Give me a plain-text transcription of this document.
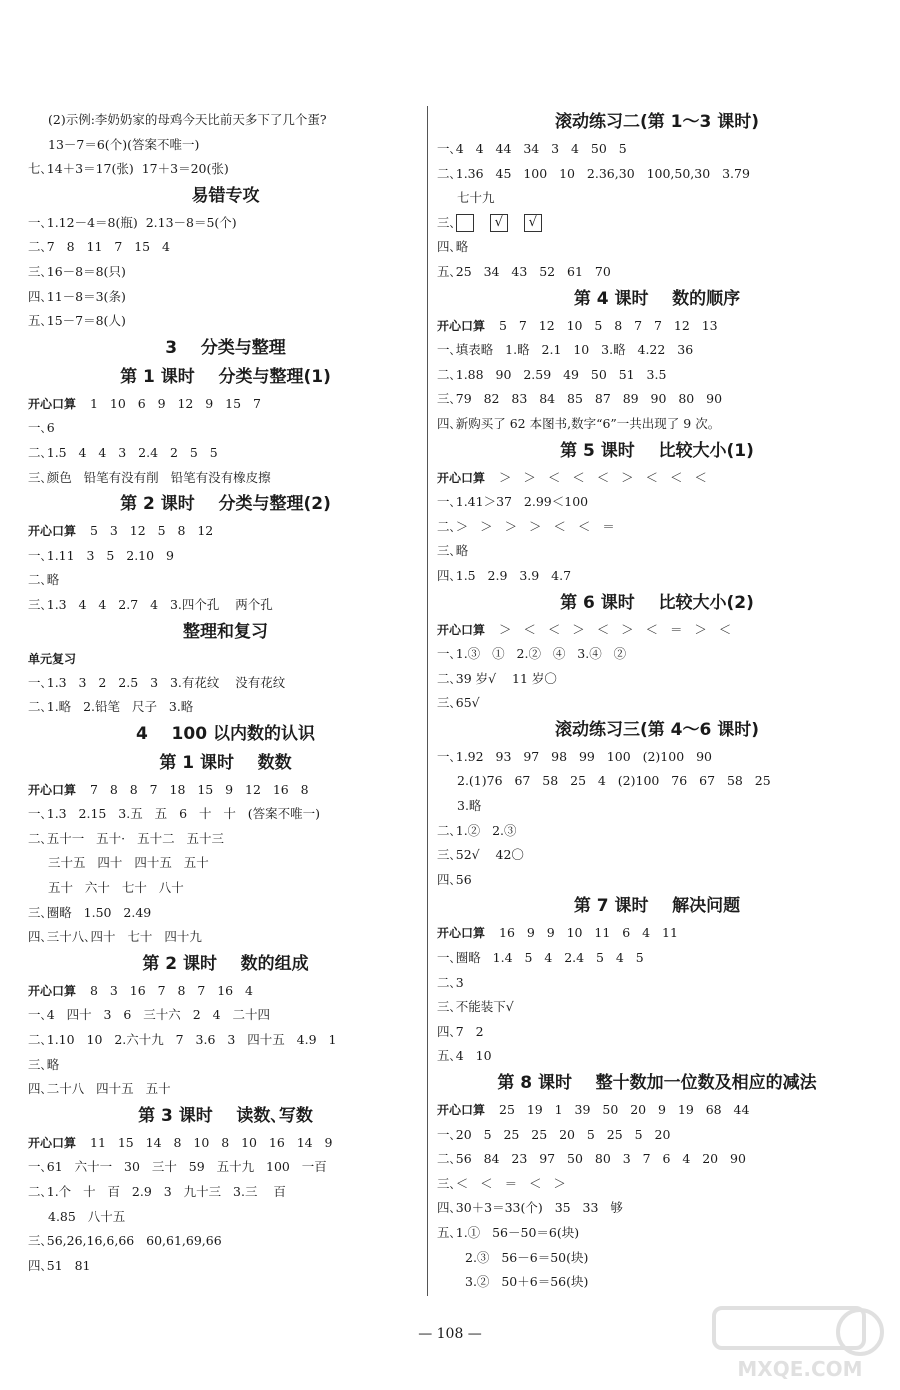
(2)示例:李奶奶家的母鸡今天比前天多下了几个蛋?
13－7＝6(个)(答案不唯一)
七､14＋3＝17(张)  17＋3＝20(张)
易错专攻
一､1.12－4＝8(瓶)  2.13－8＝5(个)
二､7   8   11   7   15   4
三､16－8＝8(只)
四､11－8＝3(条)
五､15－7＝8(人)
3    分类与整理
第 1 课时    分类与整理(1)
开心口算 1   10   6   9   12   9   15   7
一､6
二､1.5   4   4   3   2.4   2   5   5
三､颜色   铅笔有没有削   铅笔有没有橡皮擦
第 2 课时    分类与整理(2)
开心口算 5   3   12   5   8   12
一､1.11   3   5   2.10   9
二､略
三､1.3   4   4   2.7   4   3.四个孔    两个孔
整理和复习
单元复习
一､1.3   3   2   2.5   3   3.有花纹    没有花纹
二､1.略   2.铅笔   尺子   3.略
4    100 以内数的认识
第 1 课时    数数
开心口算 7   8   8   7   18   15   9   12   16   8
一､1.3   2.15   3.五   五   6   十   十   (答案不唯一)
二､五十一   五十·   五十二   五十三
三十五   四十   四十五   五十
五十   六十   七十   八十
三､圈略   1.50   2.49
四､三十八､四十   七十   四十九
第 2 课时    数的组成
开心口算 8   3   16   7   8   7   16   4
一､4   四十   3   6   三十六   2   4   二十四
二､1.10   10   2.六十九   7   3.6   3   四十五   4.9   1
三､略
四､二十八   四十五   五十
第 3 课时    读数､写数
开心口算 11   15   14   8   10   8   10   16   14   9
一､61   六十一   30   三十   59   五十九   100   一百
二､1.个   十   百   2.9   3   九十三   3.三    百
4.85   八十五
三､56,26,16,6,66   60,61,69,66
四､51   81
滚动练习二(第 1～3 课时)
一､4   4   44   34   3   4   50   5
二､1.36   45   100   10   2.36,30   100,50,30   3.79
七十九
三､	√ √
四､略
五､25   34   43   52   61   70
第 4 课时    数的顺序
开心口算 5   7   12   10   5   8   7   7   12   13
一､填表略   1.略   2.1   10   3.略   4.22   36
二､1.88   90   2.59   49   50   51   3.5
三､79   82   83   84   85   87   89   90   80   90
四､新购买了 62 本图书,数字“6”一共出现了 9 次｡
第 5 课时    比较大小(1)
开心口算 ＞   ＞   ＜   ＜   ＜   ＞   ＜   ＜   ＜
一､1.41＞37   2.99＜100
二､＞   ＞   ＞   ＞   ＜   ＜   ＝
三､略
四､1.5   2.9   3.9   4.7
第 6 课时    比较大小(2)
开心口算 ＞   ＜   ＜   ＞   ＜   ＞   ＜   ＝   ＞   ＜
一､1.③   ①   2.②   ④   3.④   ②
二､39 岁√    11 岁〇
三､65√
滚动练习三(第 4～6 课时)
一､1.92   93   97   98   99   100   (2)100   90
2.(1)76   67   58   25   4   (2)100   76   67   58   25
3.略
二､1.②   2.③
三､52√    42〇
四､56
第 7 课时    解决问题
开心口算 16   9   9   10   11   6   4   11
一､圈略   1.4   5   4   2.4   5   4   5
二､3
三､不能装下√
四､7   2
五､4   10
第 8 课时    整十数加一位数及相应的减法
开心口算 25   19   1   39   50   20   9   19   68   44
一､20   5   25   25   20   5   25   5   20
二､56   84   23   97   50   80   3   7   6   4   20   90
三､＜   ＜   ＝   ＜   ＞
四､30＋3＝33(个)   35   33   够
五､1.①   56－50＝6(块)
2.③   56－6＝50(块)
3.②   50＋6＝56(块)
— 108 —
MXQE.COM
